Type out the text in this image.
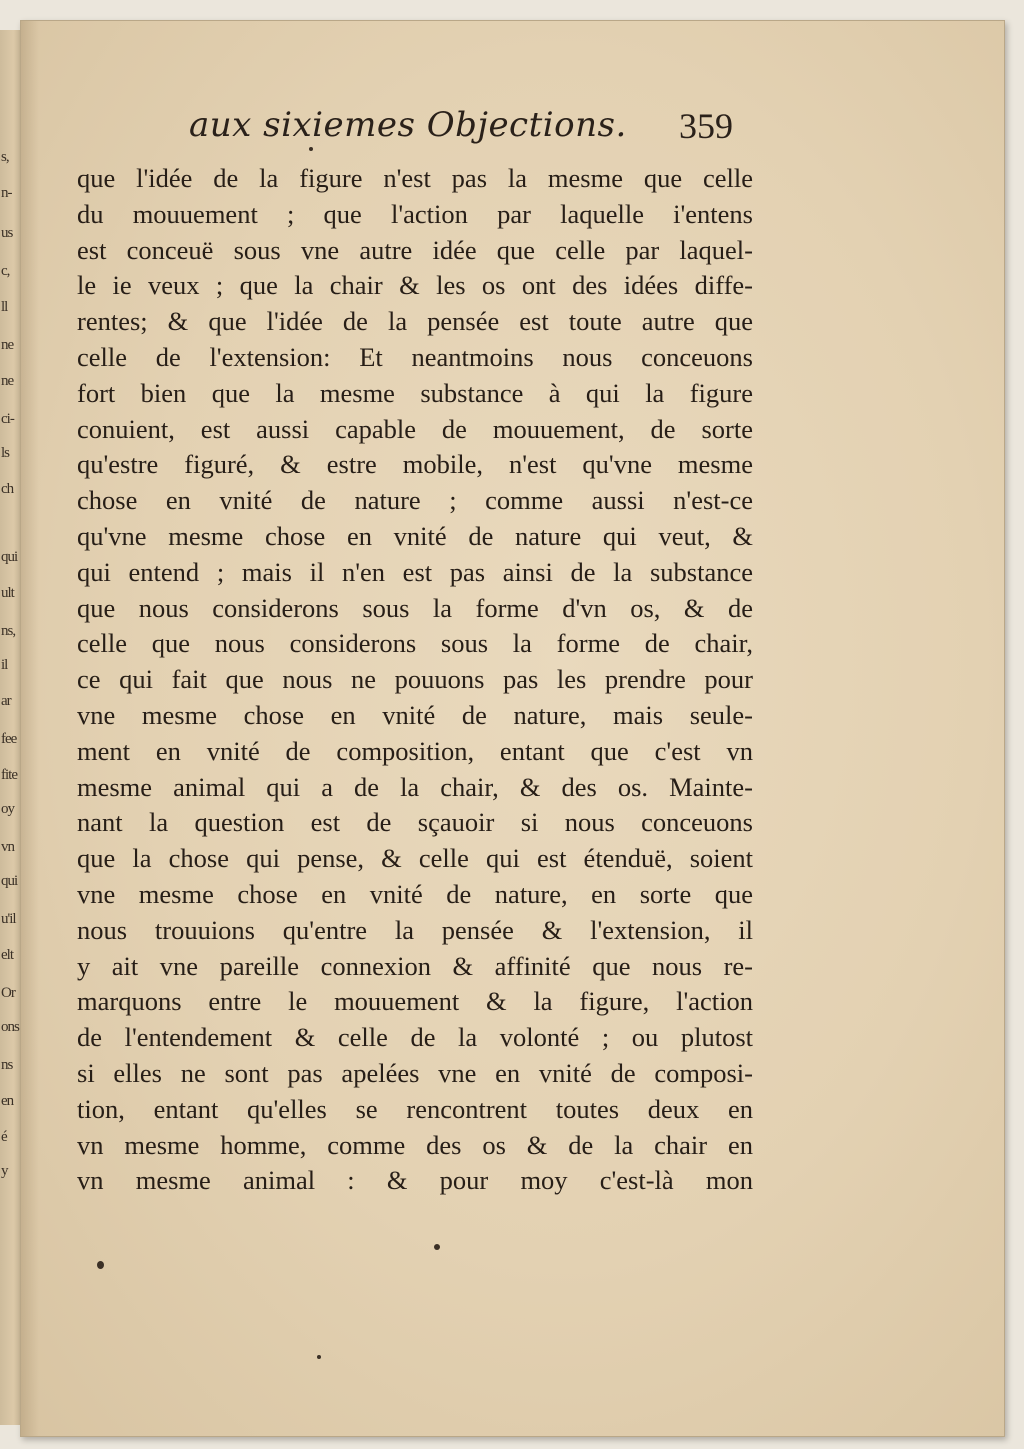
s,
n-
us
c,
ll
ne
ne
ci-
ls
ch
qui
ult
ns,
il
ar
fee
fite
oy
vn
qui
u'il
elt
Or
ons
ns
en
é
y
aux sixiemes Objections. 359
que l'idée de la figure n'est pas la mesme que celle
du mouuement ; que l'action par laquelle i'entens
est conceuë sous vne autre idée que celle par laquel-
le ie veux ; que la chair & les os ont des idées diffe-
rentes; & que l'idée de la pensée est toute autre que
celle de l'extension: Et neantmoins nous conceuons
fort bien que la mesme substance à qui la figure
conuient, est aussi capable de mouuement, de sorte
qu'estre figuré, & estre mobile, n'est qu'vne mesme
chose en vnité de nature ; comme aussi n'est-ce
qu'vne mesme chose en vnité de nature qui veut, &
qui entend ; mais il n'en est pas ainsi de la substance
que nous considerons sous la forme d'vn os, & de
celle que nous considerons sous la forme de chair,
ce qui fait que nous ne pouuons pas les prendre pour
vne mesme chose en vnité de nature, mais seule-
ment en vnité de composition, entant que c'est vn
mesme animal qui a de la chair, & des os. Mainte-
nant la question est de sçauoir si nous conceuons
que la chose qui pense, & celle qui est étenduë, soient
vne mesme chose en vnité de nature, en sorte que
nous trouuions qu'entre la pensée & l'extension, il
y ait vne pareille connexion & affinité que nous re-
marquons entre le mouuement & la figure, l'action
de l'entendement & celle de la volonté ; ou plutost
si elles ne sont pas apelées vne en vnité de composi-
tion, entant qu'elles se rencontrent toutes deux en
vn mesme homme, comme des os & de la chair en
vn mesme animal : & pour moy c'est-là mon
